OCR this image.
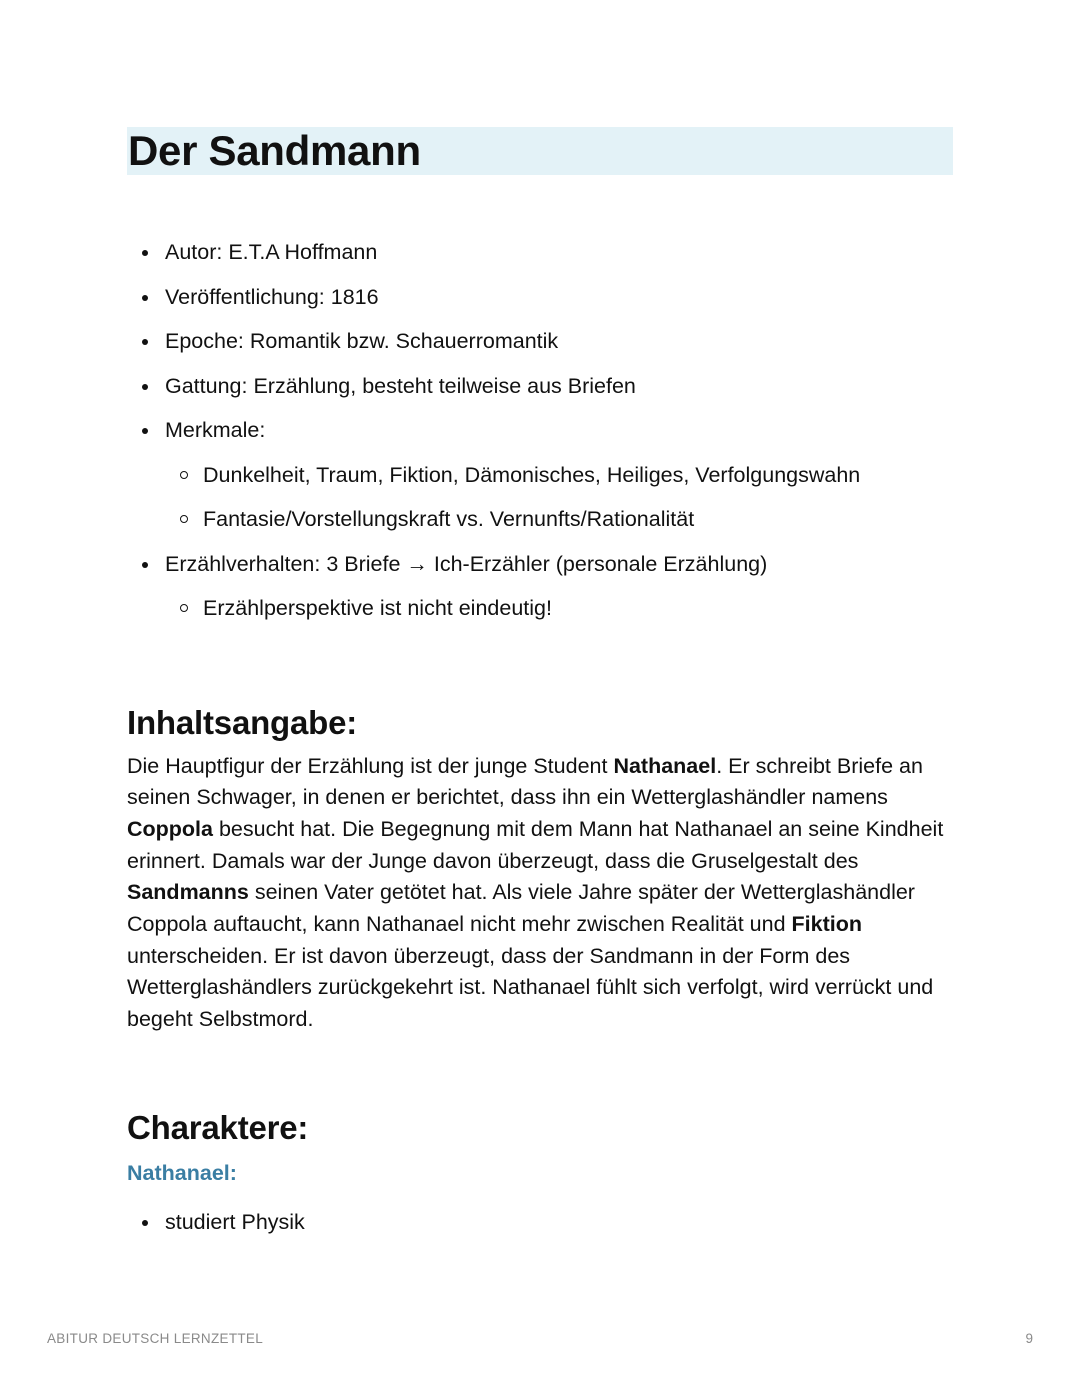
Der Sandmann
Autor: E.T.A Hoffmann
Veröffentlichung: 1816
Epoche: Romantik bzw. Schauerromantik
Gattung: Erzählung, besteht teilweise aus Briefen
Merkmale:
Dunkelheit, Traum, Fiktion, Dämonisches, Heiliges, Verfolgungswahn
Fantasie/Vorstellungskraft vs. Vernunfts/Rationalität
Erzählverhalten: 3 Briefe → Ich-Erzähler (personale Erzählung)
Erzählperspektive ist nicht eindeutig!
Inhaltsangabe:

Die Hauptfigur der Erzählung ist der junge Student Nathanael. Er schreibt Briefe an seinen Schwager, in denen er berichtet, dass ihn ein Wetterglashändler namens Coppola besucht hat. Die Begegnung mit dem Mann hat Nathanael an seine Kindheit erinnert. Damals war der Junge davon überzeugt, dass die Gruselgestalt des Sandmanns seinen Vater getötet hat. Als viele Jahre später der Wetterglashändler Coppola auftaucht, kann Nathanael nicht mehr zwischen Realität und Fiktion unterscheiden. Er ist davon überzeugt, dass der Sandmann in der Form des Wetterglashändlers zurückgekehrt ist. Nathanael fühlt sich verfolgt, wird verrückt und begeht Selbstmord.

Charaktere:
Nathanael:
studiert Physik
ABITUR DEUTSCH LERNZETTEL	9
